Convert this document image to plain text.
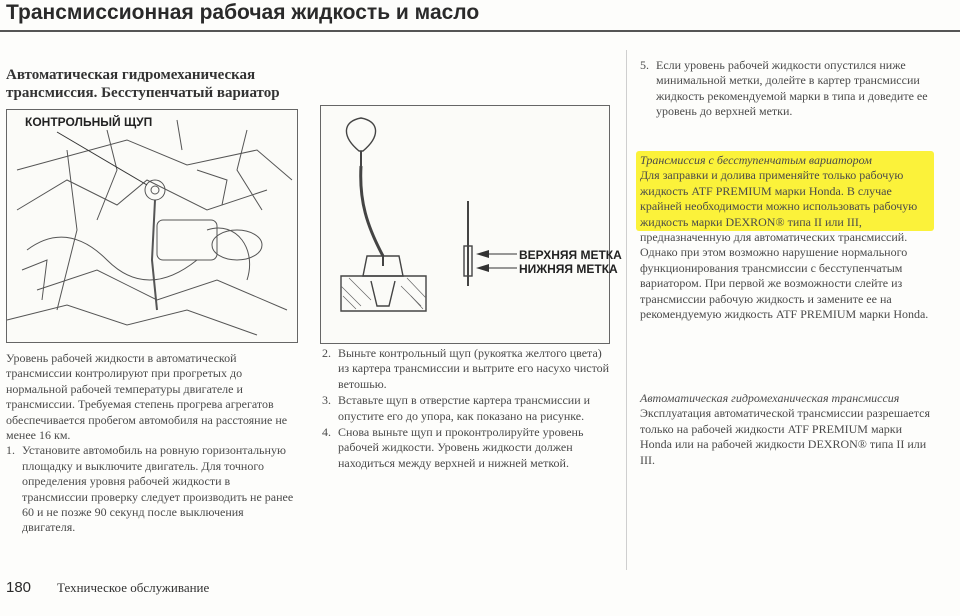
Трансмиссионная рабочая жидкость и масло
Автоматическая гидромеханическая трансмиссия. Бесступенчатый вариатор
КОНТРОЛЬНЫЙ ЩУП

Уровень рабочей жидкости в автоматической трансмиссии контролируют при прогретых до нормальной рабочей температуры двигателе и трансмиссии. Требуемая степень прогрева агрегатов обеспечивается пробегом автомобиля на расстояние не менее 16 км.

1. Установите автомобиль на ровную горизонтальную площадку и выключите двигатель. Для точного определения уровня рабочей жидкости в трансмиссии проверку следует производить не ранее 60 и не позже 90 секунд после выключения двигателя.
ВЕРХНЯЯ МЕТКА
НИЖНЯЯ МЕТКА
2. Выньте контрольный щуп (рукоятка желтого цвета) из картера трансмиссии и вытрите его насухо чистой ветошью.
3. Вставьте щуп в отверстие картера трансмиссии и опустите его до упора, как показано на рисунке.
4. Снова выньте щуп и проконтролируйте уровень рабочей жидкости. Уровень жидкости должен находиться между верхней и нижней меткой.
5. Если уровень рабочей жидкости опустился ниже минимальной метки, долейте в картер трансмиссии жидкость рекомендуемой марки в типа и доведите ее уровень до верхней метки.
Трансмиссия с бесступенчатым вариатором
Для заправки и долива применяйте только рабочую жидкость ATF PREMIUM марки Honda. В случае крайней необходимости можно использовать рабочую жидкость марки DEXRON® типа II или III, предназначенную для автоматических трансмиссий. Однако при этом возможно нарушение нормального функционирования трансмиссии с бесступенчатым вариатором. При первой же возможности слейте из трансмиссии рабочую жидкость и замените ее на рекомендуемую жидкость ATF PREMIUM марки Honda.
Автоматическая гидромеханическая трансмиссия

Эксплуатация автоматической трансмиссии разрешается только на рабочей жидкости ATF PREMIUM марки Honda или на рабочей жидкости DEXRON® типа II или III.

180 Техническое обслуживание
